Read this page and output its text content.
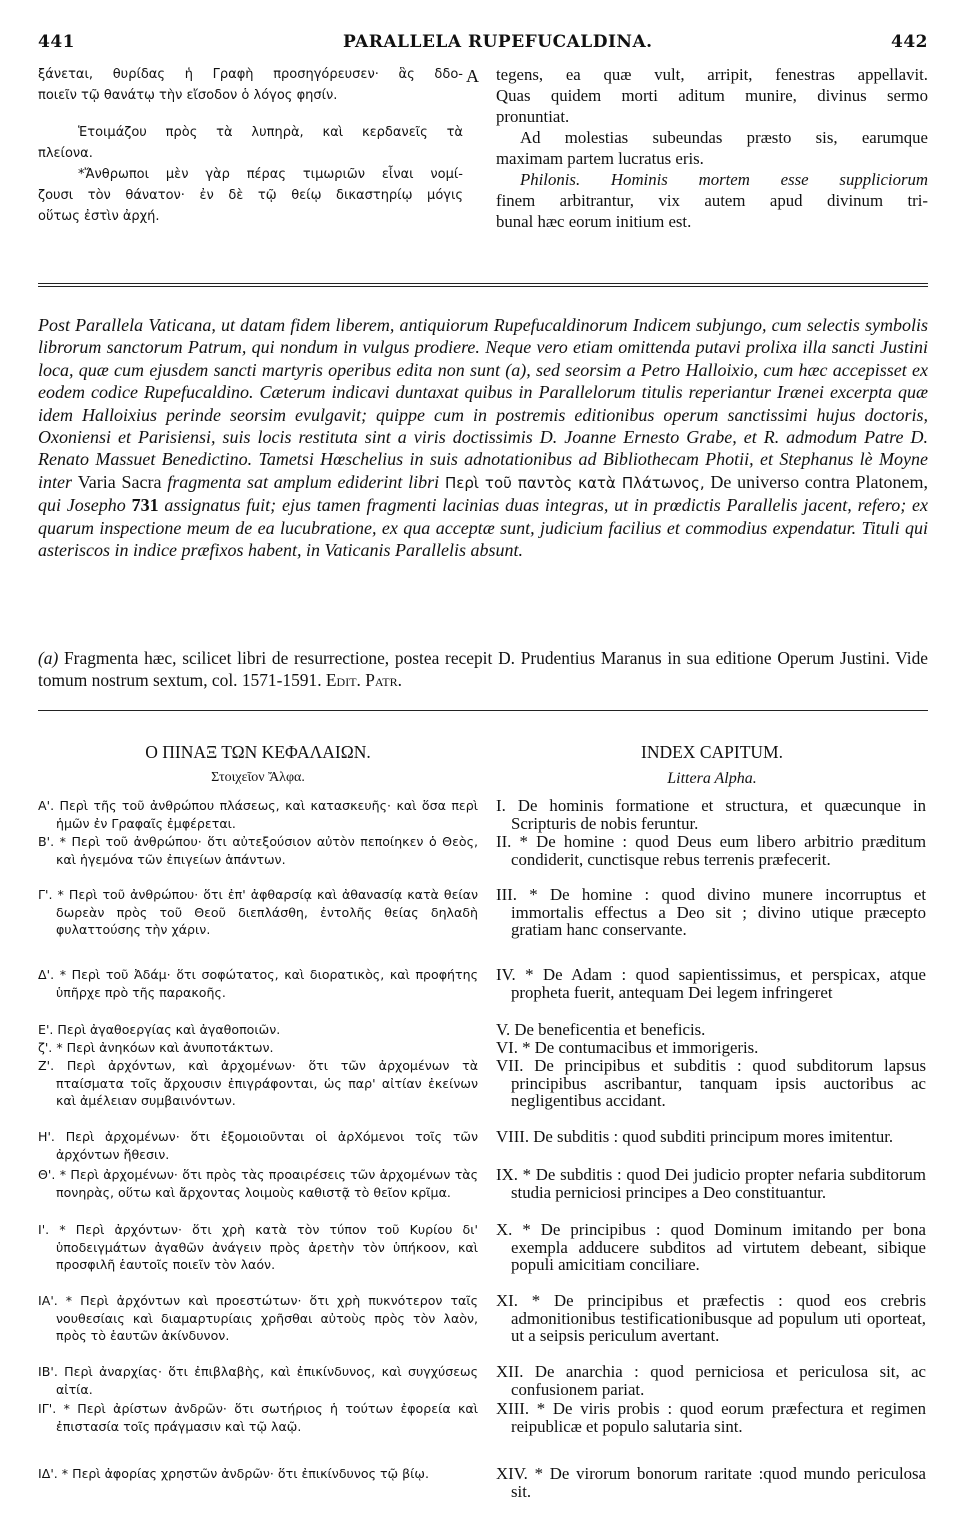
441	PARALLELA RUPEFUCALDINA.	442

ξάνεται, θυρίδας ἡ Γραφὴ προσηγόρευσεν· ἃς δδο-

ποιεῖν τῷ θανάτῳ τὴν εἴσοδον ὁ λόγος φησίν.

Ἑτοιμάζου πρὸς τὰ λυπηρὰ, καὶ κερδανεῖς τὰ

πλείονα.

*Ἄνθρωποι μὲν γὰρ πέρας τιμωριῶν εἶναι νομί-

ζουσι τὸν θάνατον· ἐν δὲ τῷ θείῳ δικαστηρίῳ μόγις

οὕτως ἐστὶν ἀρχή.

A tegens, ea quæ vult, arripit, fenestras appellavit.

Quas quidem morti aditum munire, divinus sermo

pronuntiat.

Ad molestias subeundas præsto sis, earumque

maximam partem lucratus eris.

Philonis. Hominis mortem esse suppliciorum

finem arbitrantur, vix autem apud divinum tri-

bunal hæc eorum initium est.

Post Parallela Vaticana, ut datam fidem liberem, antiquiorum Rupefucaldinorum Indicem subjungo, cum selectis symbolis librorum sanctorum Patrum, qui nondum in vulgus prodiere. Neque vero etiam omittenda putavi prolixa illa sancti Justini loca, quæ cum ejusdem sancti martyris operibus edita non sunt (a), sed seorsim a Petro Halloixio, cum hæc accepisset ex eodem codice Rupefucaldino. Cæterum indicavi duntaxat quibus in Parallelorum titulis reperiantur Irænei excerpta quæ idem Halloixius perinde seorsim evulgavit; quippe cum in postremis editionibus operum sanctissimi hujus doctoris, Oxoniensi et Parisiensi, suis locis restituta sint a viris doctissimis D. Joanne Ernesto Grabe, et R. admodum Patre D. Renato Massuet Benedictino. Tametsi Hœschelius in suis adnotationibus ad Bibliothecam Photii, et Stephanus lè Moyne inter Varia Sacra fragmenta sat amplum ediderint libri Περὶ τοῦ παντὸς κατὰ Πλάτωνος, De universo contra Platonem, qui Josepho 731 assignatus fuit; ejus tamen fragmenti lacinias duas integras, ut in prœdictis Parallelis jacent, refero; ex quarum inspectione meum de ea lucubratione, ex qua acceptæ sunt, judicium facilius et commodius expendatur. Tituli qui asteriscos in indice præfixos habent, in Vaticanis Parallelis absunt.
(a) Fragmenta hæc, scilicet libri de resurrectione, postea recepit D. Prudentius Maranus in sua editione Operum Justini. Vide tomum nostrum sextum, col. 1571-1591. Edit. Patr.
Ο ΠΙΝΑΞ ΤΩΝ ΚΕΦΑΛΑΙΩΝ.
Στοιχεῖον Ἄλφα.
Α'. Περὶ τῆς τοῦ ἀνθρώπου πλάσεως, καὶ κατασκευῆς· καὶ ὅσα περὶ ἡμῶν ἐν Γραφαῖς ἐμφέρεται.
Β'. * Περὶ τοῦ ἀνθρώπου· ὅτι αὐτεξούσιον αὐτὸν πεποίηκεν ὁ Θεὸς, καὶ ἡγεμόνα τῶν ἐπιγείων ἁπάντων.
Γ'. * Περὶ τοῦ ἀνθρώπου· ὅτι ἐπ' ἀφθαρσίᾳ καὶ ἀθανασίᾳ κατὰ θείαν δωρεὰν πρὸς τοῦ Θεοῦ διεπλάσθη, ἐντολῆς θείας δηλαδὴ φυλαττούσης τὴν χάριν.
Δ'. * Περὶ τοῦ Ἀδάμ· ὅτι σοφώτατος, καὶ διορατικὸς, καὶ προφήτης ὑπῆρχε πρὸ τῆς παρακοῆς.
Ε'. Περὶ ἀγαθοεργίας καὶ ἀγαθοποιῶν.
ζ'. * Περὶ ἀνηκόων καὶ ἀνυποτάκτων.
Ζ'. Περὶ ἀρχόντων, καὶ ἀρχομένων· ὅτι τῶν ἀρχομένων τὰ πταίσματα τοῖς ἄρχουσιν ἐπιγράφονται, ὡς παρ' αἰτίαν ἐκείνων καὶ ἀμέλειαν συμβαινόντων.
Η'. Περὶ ἀρχομένων· ὅτι ἐξομοιοῦνται οἱ ἀρΧόμενοι τοῖς τῶν ἀρχόντων ἤθεσιν.
Θ'. * Περὶ ἀρχομένων· ὅτι πρὸς τὰς προαιρέσεις τῶν ἀρχομένων τὰς πονηρὰς, οὕτω καὶ ἄρχοντας λοιμοὺς καθιστᾷ τὸ θεῖον κρῖμα.
Ι'. * Περὶ ἀρχόντων· ὅτι χρὴ κατὰ τὸν τύπον τοῦ Κυρίου δι' ὑποδειγμάτων ἀγαθῶν ἀνάγειν πρὸς ἀρετὴν τὸν ὑπήκοον, καὶ προσφιλῆ ἑαυτοῖς ποιεῖν τὸν λαόν.
ΙΑ'. * Περὶ ἀρχόντων καὶ προεστώτων· ὅτι χρὴ πυκνότερον ταῖς νουθεσίαις καὶ διαμαρτυρίαις χρῆσθαι αὐτοὺς πρὸς τὸν λαὸν, πρὸς τὸ ἑαυτῶν ἀκίνδυνον.
ΙΒ'. Περὶ ἀναρχίας· ὅτι ἐπιβλαβὴς, καὶ ἐπικίνδυνος, καὶ συγχύσεως αἰτία.
ΙΓ'. * Περὶ ἀρίστων ἀνδρῶν· ὅτι σωτήριος ἡ τούτων ἐφορεία καὶ ἐπιστασία τοῖς πράγμασιν καὶ τῷ λαῷ.
ΙΔ'. * Περὶ ἀφορίας χρηστῶν ἀνδρῶν· ὅτι ἐπικίνδυνος τῷ βίῳ.
INDEX CAPITUM.
Littera Alpha.
I. De hominis formatione et structura, et quæcunque in Scripturis de nobis feruntur.
II. * De homine : quod Deus eum libero arbitrio præditum condiderit, cunctisque rebus terrenis præfecerit.
III. * De homine : quod divino munere incorruptus et immortalis effectus a Deo sit ; divino utique præcepto gratiam hanc conservante.
IV. * De Adam : quod sapientissimus, et perspicax, atque propheta fuerit, antequam Dei legem infringeret
V. De beneficentia et beneficis.
VI. * De contumacibus et immorigeris.
VII. De principibus et subditis : quod subditorum lapsus principibus ascribantur, tanquam ipsis auctoribus ac negligentibus accidant.
VIII. De subditis : quod subditi principum mores imitentur.
IX. * De subditis : quod Dei judicio propter nefaria subditorum studia perniciosi principes a Deo constituantur.
X. * De principibus : quod Dominum imitando per bona exempla adducere subditos ad virtutem debeant, sibique populi amicitiam conciliare.
XI. * De principibus et præfectis : quod eos crebris admonitionibus testificationibusque ad populum uti oporteat, ut a seipsis periculum avertant.
XII. De anarchia : quod perniciosa et periculosa sit, ac confusionem pariat.
XIII. * De viris probis : quod eorum præfectura et regimen reipublicæ et populo salutaria sint.
XIV. * De virorum bonorum raritate :quod mundo periculosa sit.
